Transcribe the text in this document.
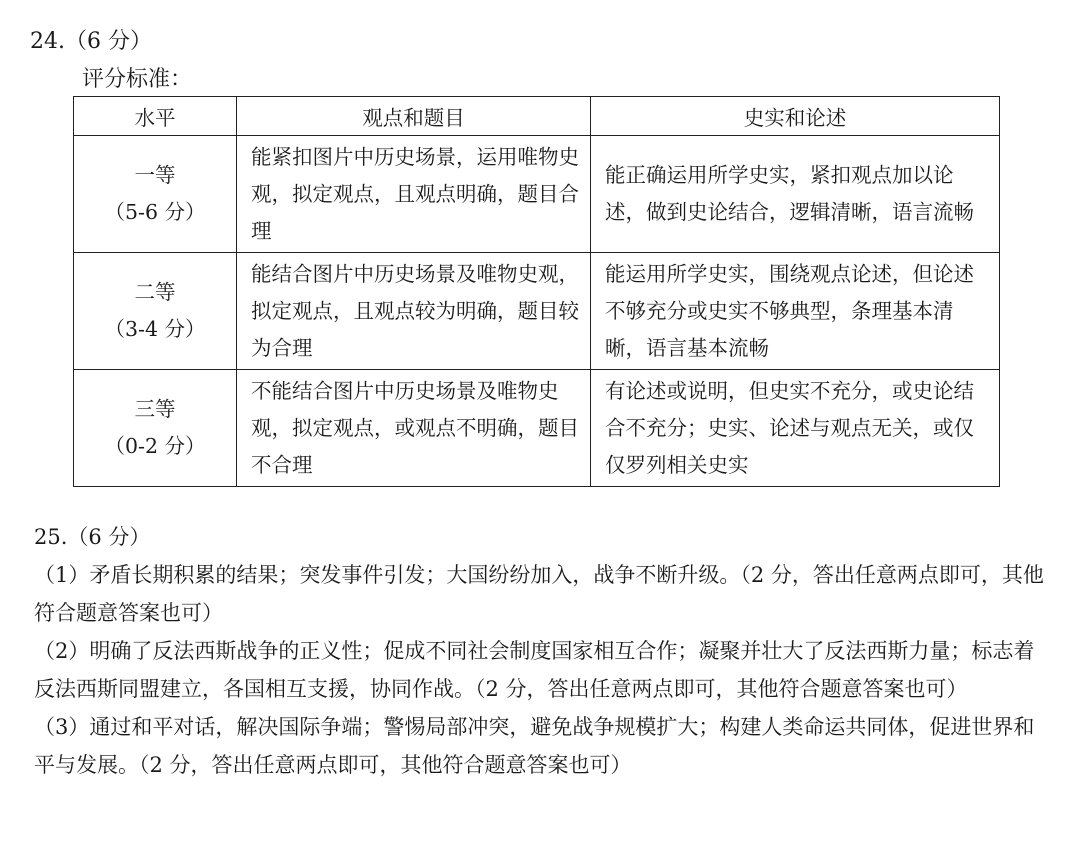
24.（6 分）
评分标准：
水平	观点和题目	史实和论述

一等
（5-6 分）	能紧扣图片中历史场景，运用唯物史观，拟定观点，且观点明确，题目合理	能正确运用所学史实，紧扣观点加以论述，做到史论结合，逻辑清晰，语言流畅

二等
（3-4 分）	能结合图片中历史场景及唯物史观，拟定观点，且观点较为明确，题目较为合理	能运用所学史实，围绕观点论述，但论述不够充分或史实不够典型，条理基本清晰，语言基本流畅

三等
（0-2 分）	不能结合图片中历史场景及唯物史观，拟定观点，或观点不明确，题目不合理	有论述或说明，但史实不充分，或史论结合不充分；史实、论述与观点无关，或仅仅罗列相关史实
25.（6 分）

（1）矛盾长期积累的结果；突发事件引发；大国纷纷加入，战争不断升级。（2 分，答出任意两点即可，其他符合题意答案也可）

（2）明确了反法西斯战争的正义性；促成不同社会制度国家相互合作；凝聚并壮大了反法西斯力量；标志着反法西斯同盟建立，各国相互支援，协同作战。（2 分，答出任意两点即可，其他符合题意答案也可）

（3）通过和平对话，解决国际争端；警惕局部冲突，避免战争规模扩大；构建人类命运共同体，促进世界和平与发展。（2 分，答出任意两点即可，其他符合题意答案也可）
